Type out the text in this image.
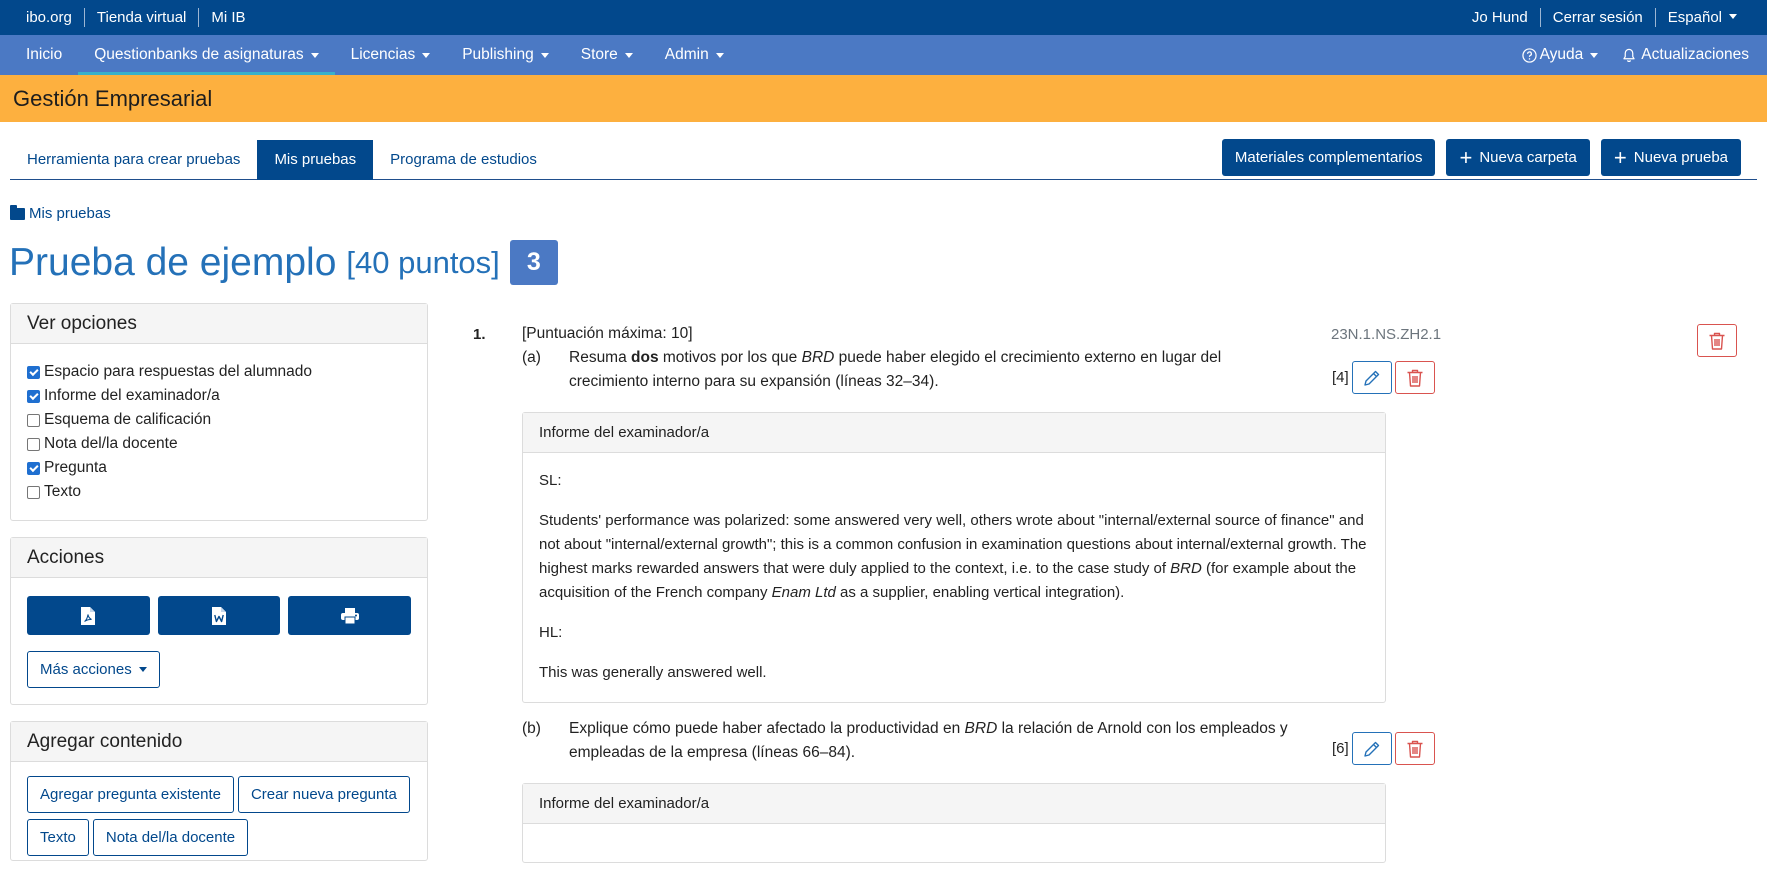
ibo.org	Tienda virtual	Mi IB	Jo Hund	Cerrar sesión	Español
Inicio Questionbanks de asignaturas	Licencias	Publishing	Store	Admin	Ayuda	Actualizaciones
Gestión Empresarial
Herramienta para crear pruebas	Mis pruebas	Programa de estudios	Materiales complementarios + Nueva carpeta + Nueva prueba
Mis pruebas
Prueba de ejemplo [40 puntos]	3
Ver opciones
Espacio para respuestas del alumnado
Informe del examinador/a
Esquema de calificación
Nota del/la docente
Pregunta
Texto
Acciones
Más acciones
Agregar contenido
Agregar pregunta existente	Crear nueva pregunta
Texto	Nota del/la docente
1. [Puntuación máxima: 10]	23N.1.NS.ZH2.1
(a) Resuma dos motivos por los que BRD puede haber elegido el crecimiento externo en lugar del crecimiento interno para su expansión (líneas 32–34).	[4]
Informe del examinador/a

SL:

Students' performance was polarized: some answered very well, others wrote about "internal/external source of finance" and not about "internal/external growth"; this is a common confusion in examination questions about internal/external growth. The highest marks rewarded answers that were duly applied to the context, i.e. to the case study of BRD (for example about the acquisition of the French company Enam Ltd as a supplier, enabling vertical integration).

HL:

This was generally answered well.

(b) Explique cómo puede haber afectado la productividad en BRD la relación de Arnold con los empleados y empleadas de la empresa (líneas 66–84).	[6]
Informe del examinador/a
